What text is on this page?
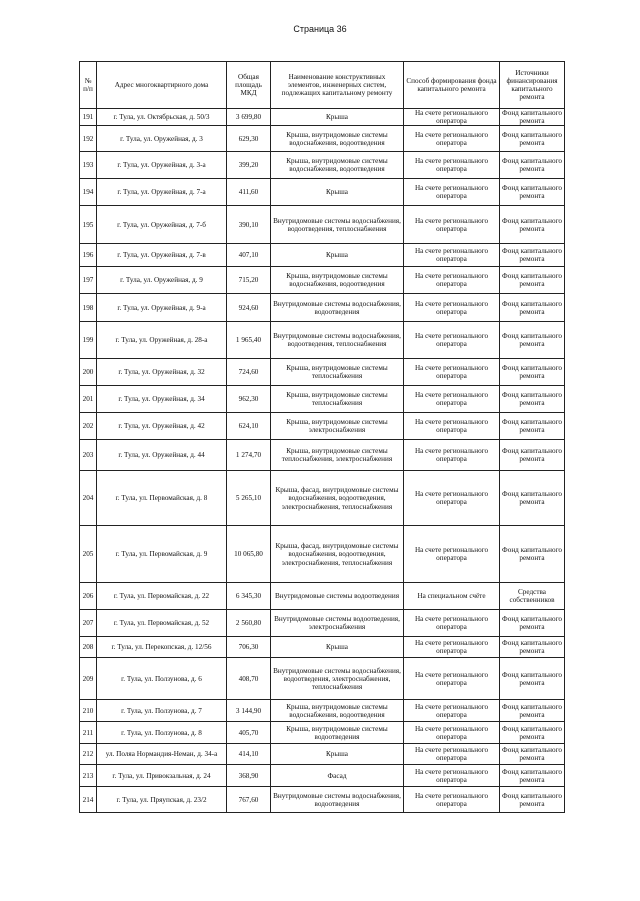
Страница 36
№ п/п	Адрес многоквартирного дома	Общая площадь МКД	Наименование конструктивных элементов, инженерных систем, подлежащих капитальному ремонту	Способ формирования фонда капитального ремонта	Источники финансирования капитального ремонта
191	г. Тула, ул. Октябрьская, д. 50/3	3 699,80	Крыша	На счете регионального оператора	Фонд капитального ремонта
192	г. Тула, ул. Оружейная, д. 3	629,30	Крыша, внутридомовые системы водоснабжения, водоотведения	На счете регионального оператора	Фонд капитального ремонта
193	г. Тула, ул. Оружейная, д. 3-а	399,20	Крыша, внутридомовые системы водоснабжения, водоотведения	На счете регионального оператора	Фонд капитального ремонта
194	г. Тула, ул. Оружейная, д. 7-а	411,60	Крыша	На счете регионального оператора	Фонд капитального ремонта
195	г. Тула, ул. Оружейная, д. 7-б	390,10	Внутридомовые системы водоснабжения, водоотведения, теплоснабжения	На счете регионального оператора	Фонд капитального ремонта
196	г. Тула, ул. Оружейная, д. 7-в	407,10	Крыша	На счете регионального оператора	Фонд капитального ремонта
197	г. Тула, ул. Оружейная, д. 9	715,20	Крыша, внутридомовые системы водоснабжения, водоотведения	На счете регионального оператора	Фонд капитального ремонта
198	г. Тула, ул. Оружейная, д. 9-а	924,60	Внутридомовые системы водоснабжения, водоотведения	На счете регионального оператора	Фонд капитального ремонта
199	г. Тула, ул. Оружейная, д. 28-а	1 965,40	Внутридомовые системы водоснабжения, водоотведения, теплоснабжения	На счете регионального оператора	Фонд капитального ремонта
200	г. Тула, ул. Оружейная, д. 32	724,60	Крыша, внутридомовые системы теплоснабжения	На счете регионального оператора	Фонд капитального ремонта
201	г. Тула, ул. Оружейная, д. 34	962,30	Крыша, внутридомовые системы теплоснабжения	На счете регионального оператора	Фонд капитального ремонта
202	г. Тула, ул. Оружейная, д. 42	624,10	Крыша, внутридомовые системы электроснабжения	На счете регионального оператора	Фонд капитального ремонта
203	г. Тула, ул. Оружейная, д. 44	1 274,70	Крыша, внутридомовые системы теплоснабжения, электроснабжения	На счете регионального оператора	Фонд капитального ремонта
204	г. Тула, ул. Первомайская, д. 8	5 265,10	Крыша, фасад, внутридомовые системы водоснабжения, водоотведения, электроснабжения, теплоснабжения	На счете регионального оператора	Фонд капитального ремонта
205	г. Тула, ул. Первомайская, д. 9	10 065,80	Крыша, фасад, внутридомовые системы водоснабжения, водоотведения, электроснабжения, теплоснабжения	На счете регионального оператора	Фонд капитального ремонта
206	г. Тула, ул. Первомайская, д. 22	6 345,30	Внутридомовые системы водоотведения	На специальном счёте	Средства собственников
207	г. Тула, ул. Первомайская, д. 52	2 560,80	Внутридомовые системы водоотведения, электроснабжения	На счете регионального оператора	Фонд капитального ремонта
208	г. Тула, ул. Перекопская, д. 12/56	706,30	Крыша	На счете регионального оператора	Фонд капитального ремонта
209	г. Тула, ул. Ползунова, д. 6	408,70	Внутридомовые системы водоснабжения, водоотведения, электроснабжения, теплоснабжения	На счете регионального оператора	Фонд капитального ремонта
210	г. Тула, ул. Ползунова, д. 7	3 144,90	Крыша, внутридомовые системы водоснабжения, водоотведения	На счете регионального оператора	Фонд капитального ремонта
211	г. Тула, ул. Ползунова, д. 8	405,70	Крыша, внутридомовые системы водоотведения	На счете регионального оператора	Фонд капитального ремонта
212	ул. Поляа Нормандия-Неман, д. 34-а	414,10	Крыша	На счете регионального оператора	Фонд капитального ремонта
213	г. Тула, ул. Привокзальная, д. 24	368,90	Фасад	На счете регионального оператора	Фонд капитального ремонта
214	г. Тула, ул. Пряупская, д. 23/2	767,60	Внутридомовые системы водоснабжения, водоотведения	На счете регионального оператора	Фонд капитального ремонта
